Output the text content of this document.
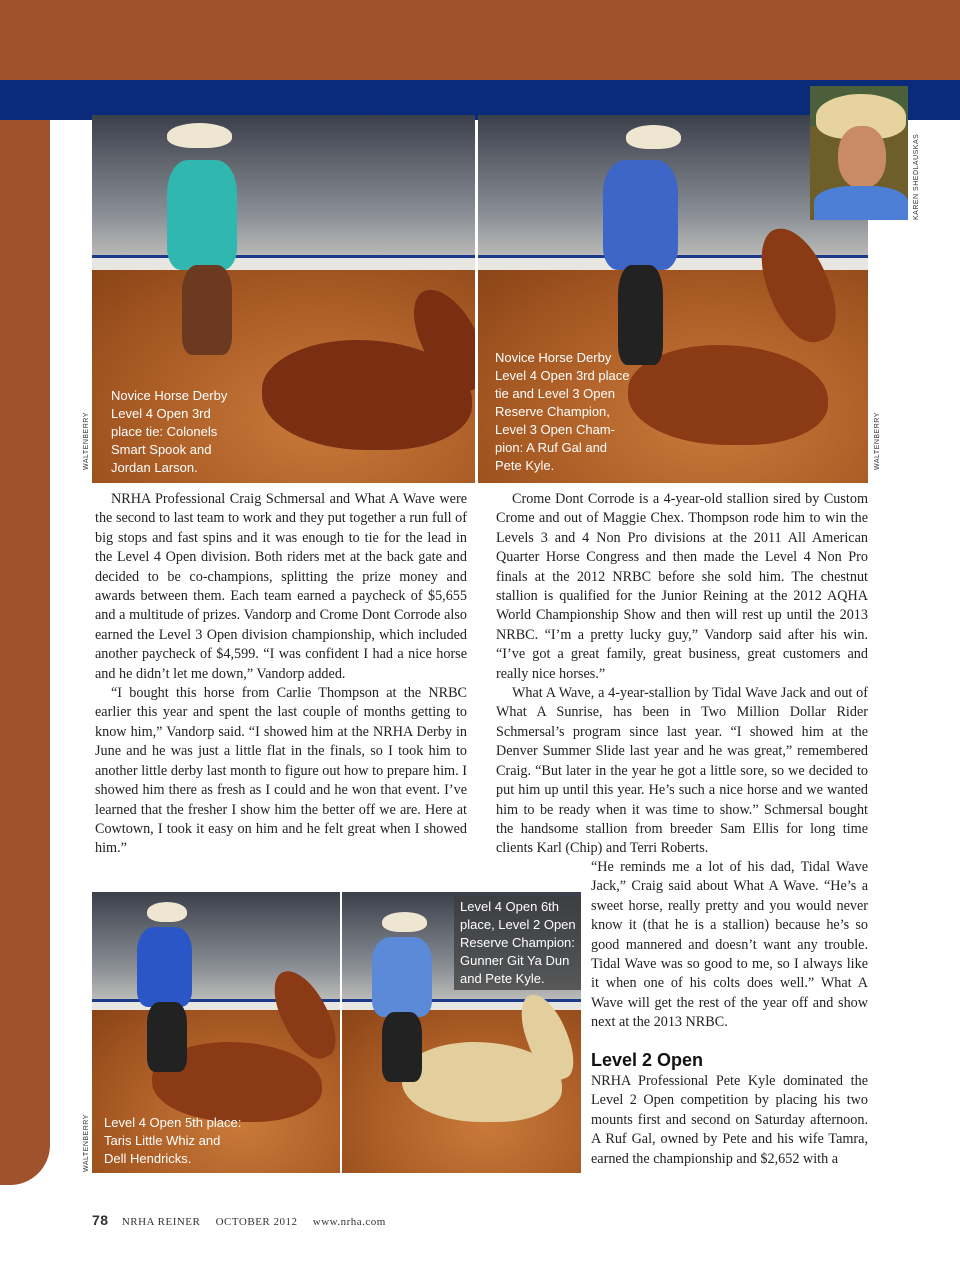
Novice Horse Derby
Level 4 Open 3rd
place tie: Colonels
Smart Spook and
Jordan Larson.
WALTENBERRY
Novice Horse Derby
Level 4 Open 3rd place
tie and Level 3 Open
Reserve Champion,
Level 3 Open Cham-
pion: A Ruf Gal and
Pete Kyle.	WALTENBERRY
KAREN SHEDLAUSKAS

NRHA Professional Craig Schmersal and What A Wave were the second to last team to work and they put together a run full of big stops and fast spins and it was enough to tie for the lead in the Level 4 Open division. Both riders met at the back gate and decided to be co-champions, splitting the prize money and awards between them. Each team earned a paycheck of $5,655 and a multitude of prizes. Vandorp and Crome Dont Corrode also earned the Level 3 Open division championship, which included another paycheck of $4,599. “I was confident I had a nice horse and he didn’t let me down,” Vandorp added.

“I bought this horse from Carlie Thompson at the NRBC earlier this year and spent the last couple of months getting to know him,” Vandorp said. “I showed him at the NRHA Derby in June and he was just a little flat in the finals, so I took him to another little derby last month to figure out how to prepare him. I showed him there as fresh as I could and he won that event. I’ve learned that the fresher I show him the better off we are. Here at Cowtown, I took it easy on him and he felt great when I showed him.”

Crome Dont Corrode is a 4-year-old stallion sired by Custom Crome and out of Maggie Chex. Thompson rode him to win the Levels 3 and 4 Non Pro divisions at the 2011 All American Quarter Horse Congress and then made the Level 4 Non Pro finals at the 2012 NRBC before she sold him. The chestnut stallion is qualified for the Junior Reining at the 2012 AQHA World Championship Show and then will rest up until the 2013 NRBC. “I’m a pretty lucky guy,” Vandorp said after his win. “I’ve got a great family, great business, great customers and really nice horses.”

What A Wave, a 4-year-stallion by Tidal Wave Jack and out of What A Sunrise, has been in Two Million Dollar Rider Schmersal’s program since last year. “I showed him at the Denver Summer Slide last year and he was great,” remembered Craig. “But later in the year he got a little sore, so we decided to put him up until this year. He’s such a nice horse and we wanted him to be ready when it was time to show.” Schmersal bought the handsome stallion from breeder Sam Ellis for long time clients Karl (Chip) and Terri Roberts.

“He reminds me a lot of his dad, Tidal Wave Jack,” Craig said about What A Wave. “He’s a sweet horse, really pretty and you would never know it (that he is a stallion) because he’s so good mannered and doesn’t want any trouble. Tidal Wave was so good to me, so I always like it when one of his colts does well.” What A Wave will get the rest of the year off and show next at the 2013 NRBC.

Level 2 Open

NRHA Professional Pete Kyle dominated the Level 2 Open competition by placing his two mounts first and second on Saturday afternoon. A Ruf Gal, owned by Pete and his wife Tamra, earned the championship and $2,652 with a

Level 4 Open 5th place:
Taris Little Whiz and
Dell Hendricks.
WALTENBERRY
Level 4 Open 6th
place, Level 2 Open
Reserve Champion:
Gunner Git Ya Dun
and Pete Kyle.
78 NRHA REINER OCTOBER 2012 www.nrha.com
